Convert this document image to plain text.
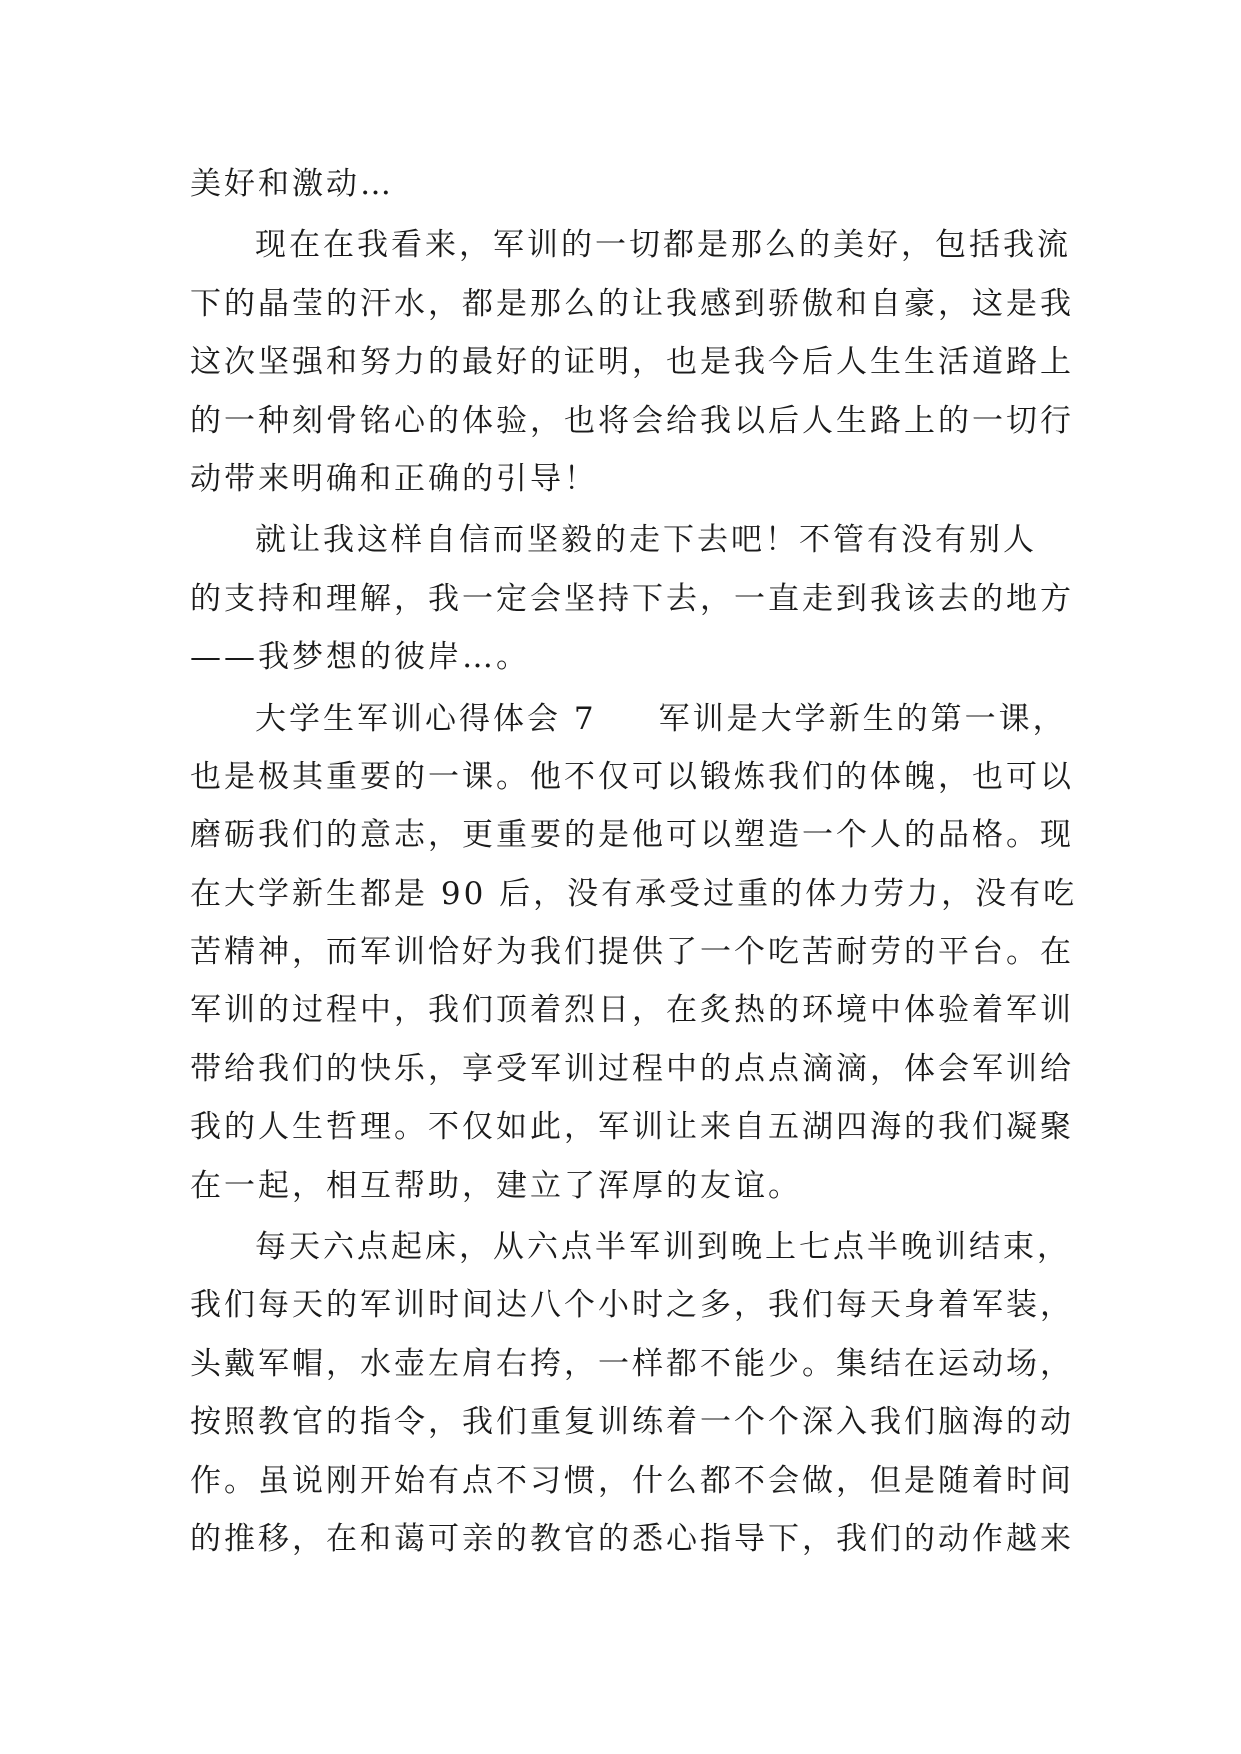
美好和激动…
现在在我看来，军训的一切都是那么的美好，包括我流
下的晶莹的汗水，都是那么的让我感到骄傲和自豪，这是我
这次坚强和努力的最好的证明，也是我今后人生生活道路上
的一种刻骨铭心的体验，也将会给我以后人生路上的一切行
动带来明确和正确的引导！
就让我这样自信而坚毅的走下去吧！不管有没有别人
的支持和理解，我一定会坚持下去，一直走到我该去的地方
——我梦想的彼岸…。
大学生军训心得体会 7 军训是大学新生的第一课，
也是极其重要的一课。他不仅可以锻炼我们的体魄，也可以
磨砺我们的意志，更重要的是他可以塑造一个人的品格。现
在大学新生都是 90 后，没有承受过重的体力劳力，没有吃
苦精神，而军训恰好为我们提供了一个吃苦耐劳的平台。在
军训的过程中，我们顶着烈日，在炙热的环境中体验着军训
带给我们的快乐，享受军训过程中的点点滴滴，体会军训给
我的人生哲理。不仅如此，军训让来自五湖四海的我们凝聚
在一起，相互帮助，建立了浑厚的友谊。
每天六点起床，从六点半军训到晚上七点半晚训结束，
我们每天的军训时间达八个小时之多，我们每天身着军装，
头戴军帽，水壶左肩右挎，一样都不能少。集结在运动场，
按照教官的指令，我们重复训练着一个个深入我们脑海的动
作。虽说刚开始有点不习惯，什么都不会做，但是随着时间
的推移，在和蔼可亲的教官的悉心指导下，我们的动作越来
